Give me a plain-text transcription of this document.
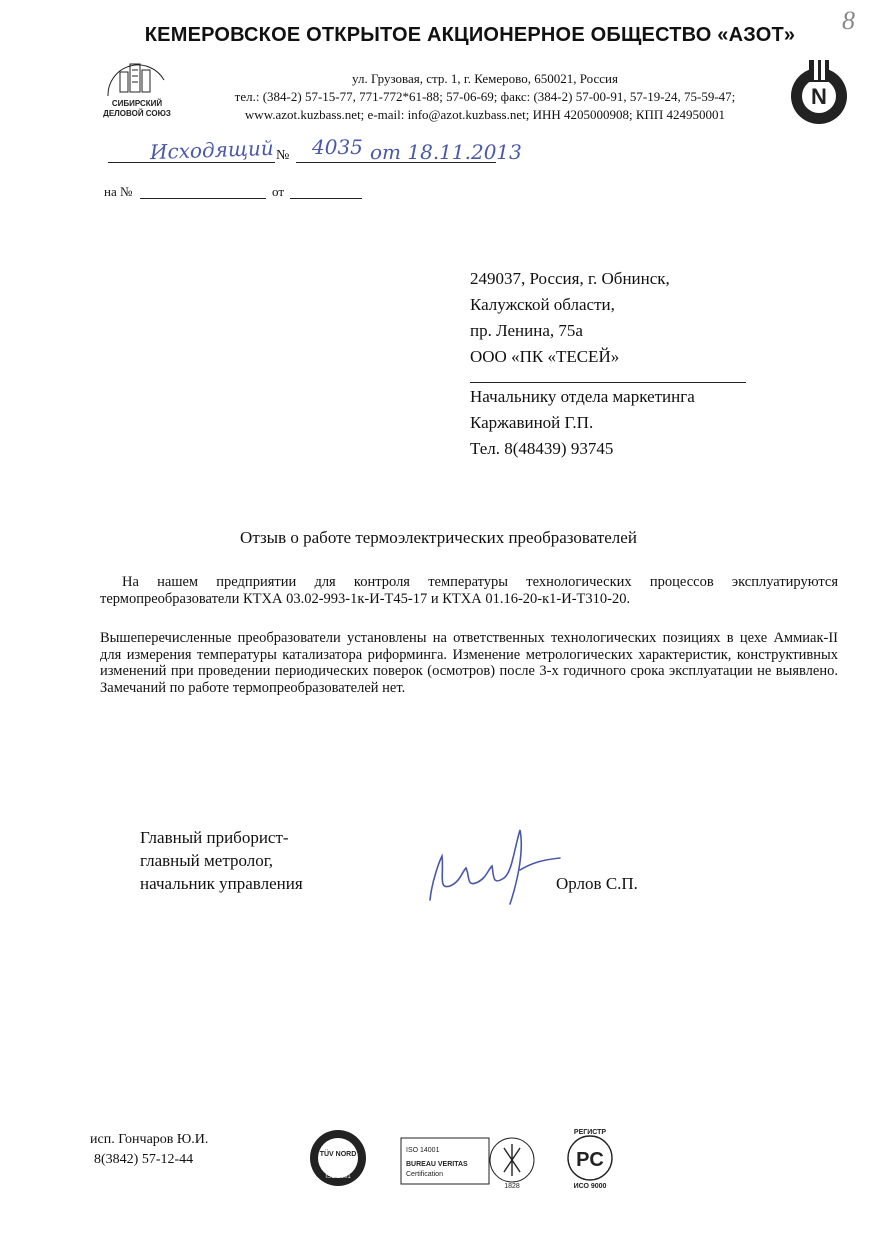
КЕМЕРОВСКОЕ ОТКРЫТОЕ АКЦИОНЕРНОЕ ОБЩЕСТВО «АЗОТ»	8
СИБИРСКИЙ
ДЕЛОВОЙ СОЮЗ
ул. Грузовая, стр. 1, г. Кемерово, 650021, Россия
тел.: (384-2) 57-15-77, 771-772*61-88; 57-06-69; факс: (384-2) 57-00-91, 57-19-24, 75-59-47;
www.azot.kuzbass.net; e-mail: info@azot.kuzbass.net; ИНН 4205000908; КПП 424950001
N
Исходящий № 4035 от 18.11.2013
на №	от
249037, Россия, г. Обнинск,
Калужской области,
пр. Ленина, 75а
ООО «ПК «ТЕСЕЙ»
Начальнику отдела маркетинга
Каржавиной Г.П.
Тел. 8(48439) 93745
Отзыв о работе термоэлектрических преобразователей
На нашем предприятии для контроля температуры технологических процессов эксплуатируются термопреобразователи КТХА 03.02-993-1к-И-Т45-17 и КТХА 01.16-20-к1-И-Т310-20.
Вышеперечисленные преобразователи установлены на ответственных технологических позициях в цехе Аммиак-II для измерения температуры катализатора риформинга. Изменение метрологических характеристик, конструктивных изменений при проведении периодических поверок (осмотров) после 3-х годичного срока эксплуатации не выявлено. Замечаний по работе термопреобразователей нет.
Главный приборист-
главный метролог,
начальник управления	Орлов С.П.
исп. Гончаров Ю.И.
8(3842) 57-12-44	TÜV NORD
ISO 9001
ISO 14001
BUREAU VERITAS
Certification
1828
РЕГИСТР
PC
ИСО 9000
